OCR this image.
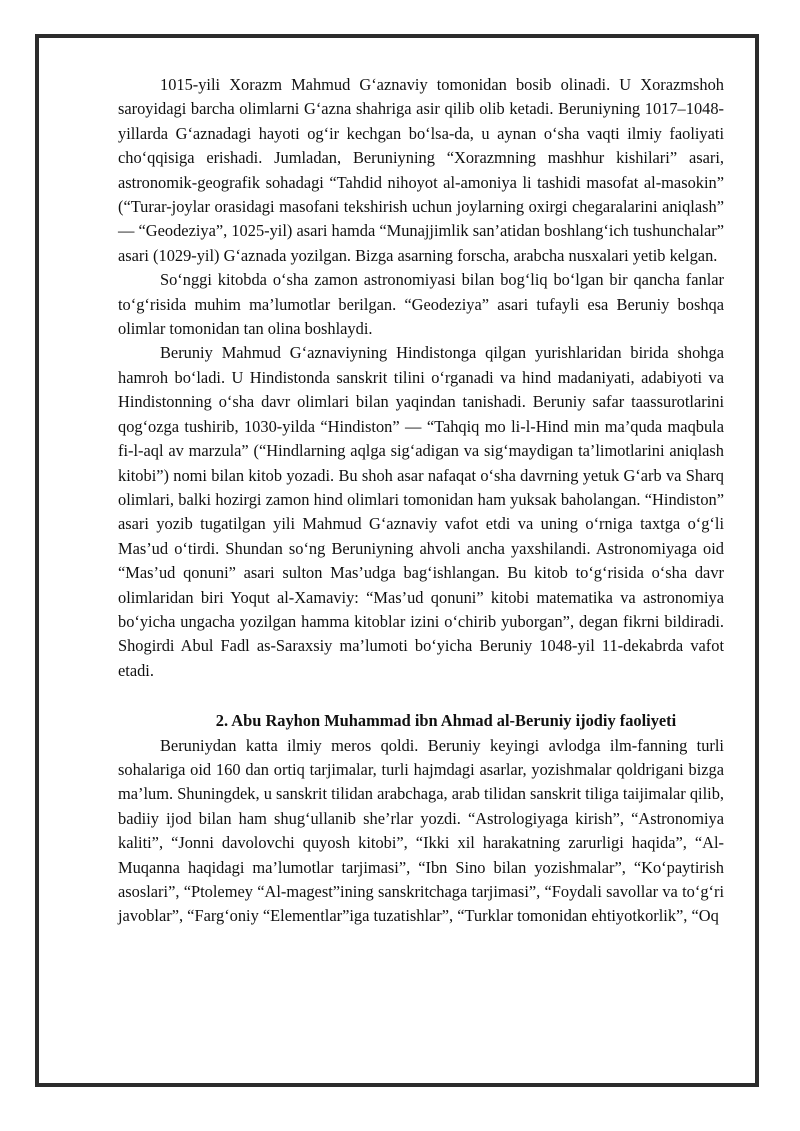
1015-yili Xorazm Mahmud G‘aznaviy tomonidan bosib olinadi. U Xorazmshoh saroyidagi barcha olimlarni G‘azna shahriga asir qilib olib ketadi. Beruniyning 1017–1048-yillarda G‘aznadagi hayoti og‘ir kechgan bo‘lsa-da, u aynan o‘sha vaqti ilmiy faoliyati cho‘qqisiga erishadi. Jumladan, Beruniyning “Xorazmning mashhur kishilari” asari, astronomik-geografik sohadagi “Tahdid nihoyot al-amoniya li tashidi masofat al-masokin” (“Turar-joylar orasidagi masofani tekshirish uchun joylarning oxirgi chegaralarini aniqlash” — “Geodeziya”, 1025-yil) asari hamda “Munajjimlik san’atidan boshlang‘ich tushunchalar” asari (1029-yil) G‘aznada yozilgan. Bizga asarning forscha, arabcha nusxalari yetib kelgan.

So‘nggi kitobda o‘sha zamon astronomiyasi bilan bog‘liq bo‘lgan bir qancha fanlar to‘g‘risida muhim ma’lumotlar berilgan. “Geodeziya” asari tufayli esa Beruniy boshqa olimlar tomonidan tan olina boshlaydi.

Beruniy Mahmud G‘aznaviyning Hindistonga qilgan yurishlaridan birida shohga hamroh bo‘ladi. U Hindistonda sanskrit tilini o‘rganadi va hind madaniyati, adabiyoti va Hindistonning o‘sha davr olimlari bilan yaqindan tanishadi. Beruniy safar taassurotlarini qog‘ozga tushirib, 1030-yilda “Hindiston” — “Tahqiq mo li-l-Hind min ma’quda maqbula fi-l-aql av marzula” (“Hindlarning aqlga sig‘adigan va sig‘maydigan ta’limotlarini aniqlash kitobi”) nomi bilan kitob yozadi. Bu shoh asar nafaqat o‘sha davrning yetuk G‘arb va Sharq olimlari, balki hozirgi zamon hind olimlari tomonidan ham yuksak baholangan. “Hindiston” asari yozib tugatilgan yili Mahmud G‘aznaviy vafot etdi va uning o‘rniga taxtga o‘g‘li Mas’ud o‘tirdi. Shundan so‘ng Beruniyning ahvoli ancha yaxshilandi. Astronomiyaga oid “Mas’ud qonuni” asari sulton Mas’udga bag‘ishlangan. Bu kitob to‘g‘risida o‘sha davr olimlaridan biri Yoqut al-Xamaviy: “Mas’ud qonuni” kitobi matematika va astronomiya bo‘yicha ungacha yozilgan hamma kitoblar izini o‘chirib yuborgan”, degan fikrni bildiradi. Shogirdi Abul Fadl as-Saraxsiy ma’lumoti bo‘yicha Beruniy 1048-yil 11-dekabrda vafot etadi.

2. Abu Rayhon Muhammad ibn Ahmad al-Beruniy ijodiy faoliyeti

Beruniydan katta ilmiy meros qoldi. Beruniy keyingi avlodga ilm-fanning turli sohalariga oid 160 dan ortiq tarjimalar, turli hajmdagi asarlar, yozishmalar qoldrigani bizga ma’lum. Shuningdek, u sanskrit tilidan arabchaga, arab tilidan sanskrit tiliga taijimalar qilib, badiiy ijod bilan ham shug‘ullanib she’rlar yozdi. “Astrologiyaga kirish”, “Astronomiya kaliti”, “Jonni davolovchi quyosh kitobi”, “Ikki xil harakatning zarurligi haqida”, “Al-Muqanna haqidagi ma’lumotlar tarjimasi”, “Ibn Sino bilan yozishmalar”, “Ko‘paytirish asoslari”, “Ptolemey “Al-magest”ining sanskritchaga tarjimasi”, “Foydali savollar va to‘g‘ri javoblar”, “Farg‘oniy “Elementlar”iga tuzatishlar”, “Turklar tomonidan ehtiyotkorlik”, “Oq
